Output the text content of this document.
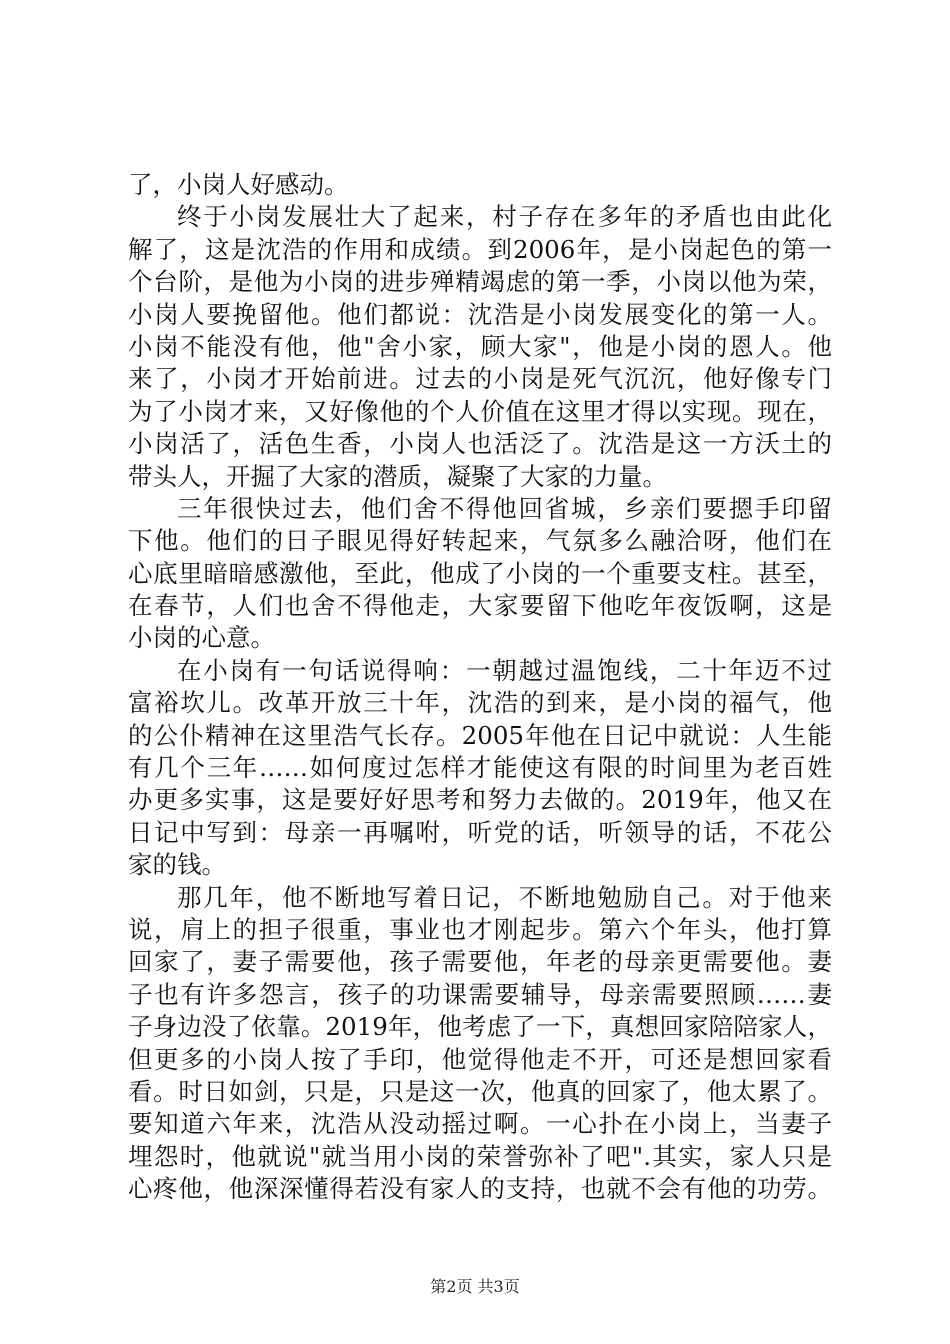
了，小岗人好感动。
终于小岗发展壮大了起来，村子存在多年的矛盾也由此化
解了，这是沈浩的作用和成绩。到2006年，是小岗起色的第一
个台阶，是他为小岗的进步殚精竭虑的第一季，小岗以他为荣，
小岗人要挽留他。他们都说：沈浩是小岗发展变化的第一人。
小岗不能没有他，他"舍小家，顾大家"，他是小岗的恩人。他
来了，小岗才开始前进。过去的小岗是死气沉沉，他好像专门
为了小岗才来，又好像他的个人价值在这里才得以实现。现在，
小岗活了，活色生香，小岗人也活泛了。沈浩是这一方沃土的
带头人，开掘了大家的潜质，凝聚了大家的力量。
三年很快过去，他们舍不得他回省城，乡亲们要摁手印留
下他。他们的日子眼见得好转起来，气氛多么融洽呀，他们在
心底里暗暗感激他，至此，他成了小岗的一个重要支柱。甚至，
在春节，人们也舍不得他走，大家要留下他吃年夜饭啊，这是
小岗的心意。
在小岗有一句话说得响：一朝越过温饱线，二十年迈不过
富裕坎儿。改革开放三十年，沈浩的到来，是小岗的福气，他
的公仆精神在这里浩气长存。2005年他在日记中就说：人生能
有几个三年……如何度过怎样才能使这有限的时间里为老百姓
办更多实事，这是要好好思考和努力去做的。2019年，他又在
日记中写到：母亲一再嘱咐，听党的话，听领导的话，不花公
家的钱。
那几年，他不断地写着日记，不断地勉励自己。对于他来
说，肩上的担子很重，事业也才刚起步。第六个年头，他打算
回家了，妻子需要他，孩子需要他，年老的母亲更需要他。妻
子也有许多怨言，孩子的功课需要辅导，母亲需要照顾……妻
子身边没了依靠。2019年，他考虑了一下，真想回家陪陪家人，
但更多的小岗人按了手印，他觉得他走不开，可还是想回家看
看。时日如剑，只是，只是这一次，他真的回家了，他太累了。
要知道六年来，沈浩从没动摇过啊。一心扑在小岗上，当妻子
埋怨时，他就说"就当用小岗的荣誉弥补了吧".其实，家人只是
心疼他，他深深懂得若没有家人的支持，也就不会有他的功劳。
第2页 共3页
